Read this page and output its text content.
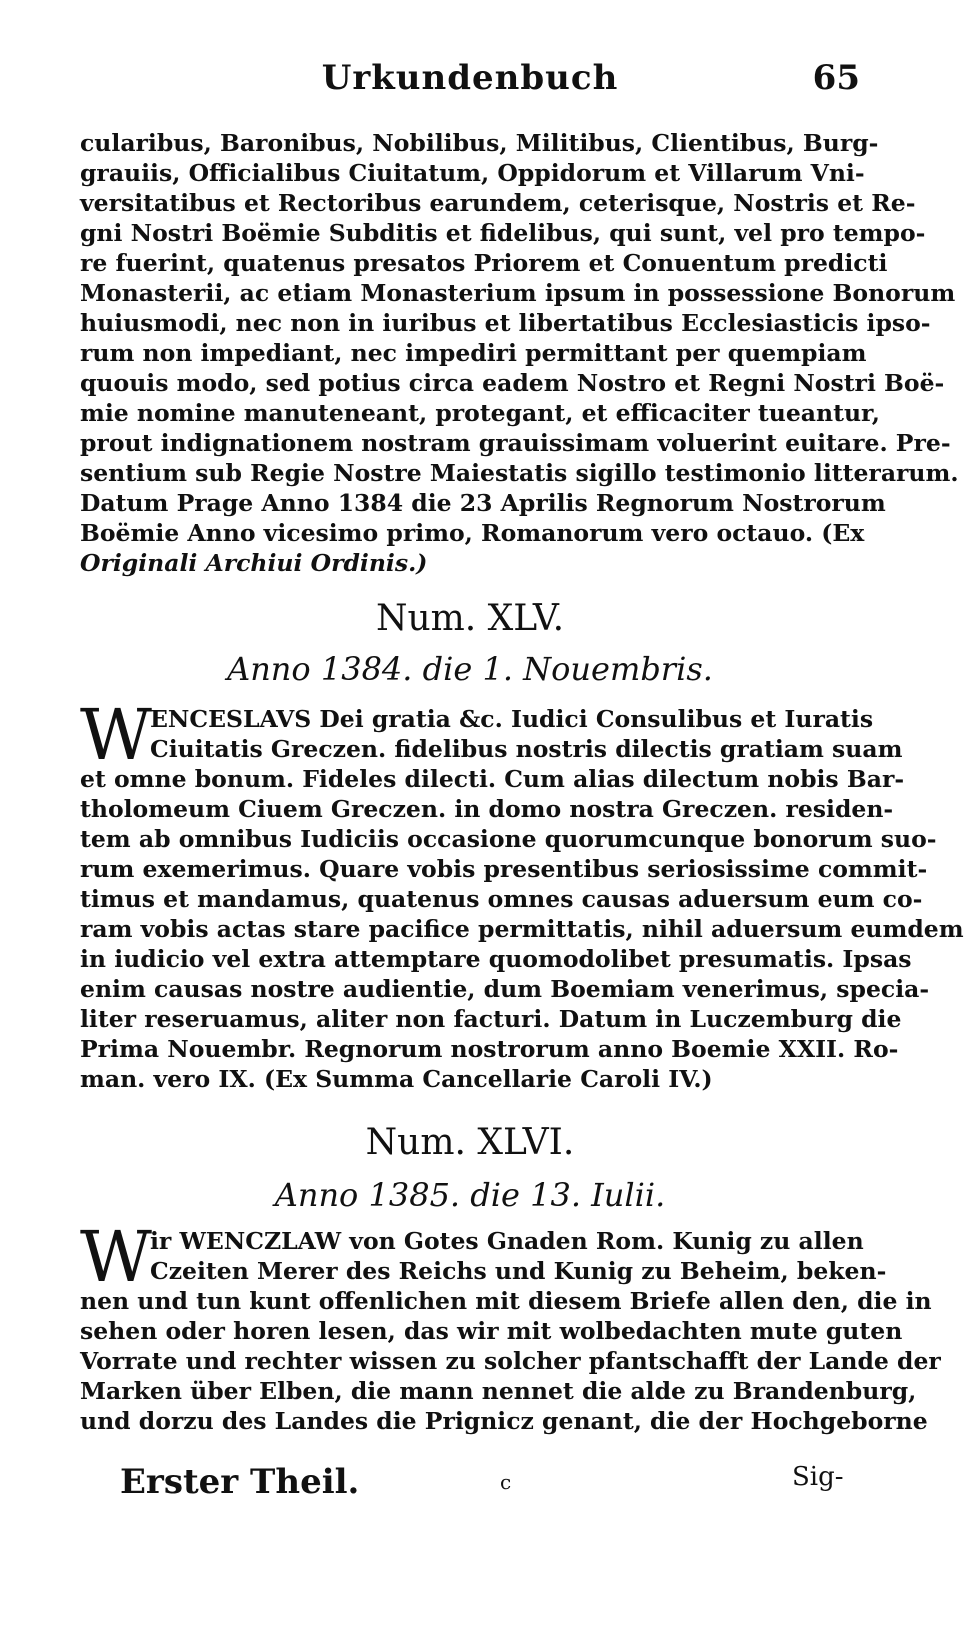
Urkundenbuch	65
cularibus, Baronibus, Nobilibus, Militibus, Clientibus, Burg-
grauiis, Officialibus Ciuitatum, Oppidorum et Villarum Vni-
versitatibus et Rectoribus earundem, ceterisque, Nostris et Re-
gni Nostri Boëmie Subditis et fidelibus, qui sunt, vel pro tempo-
re fuerint, quatenus presatos Priorem et Conuentum predicti
Monasterii, ac etiam Monasterium ipsum in possessione Bonorum
huiusmodi, nec non in iuribus et libertatibus Ecclesiasticis ipso-
rum non impediant, nec impediri permittant per quempiam
quouis modo, sed potius circa eadem Nostro et Regni Nostri Boë-
mie nomine manuteneant, protegant, et efficaciter tueantur,
prout indignationem nostram grauissimam voluerint euitare. Pre-
sentium sub Regie Nostre Maiestatis sigillo testimonio litterarum.
Datum Prage Anno 1384 die 23 Aprilis Regnorum Nostrorum
Boëmie Anno vicesimo primo, Romanorum vero octauo. (Ex
Originali Archiui Ordinis.)
Num. XLV.
Anno 1384. die 1. Nouembris.
W
ENCESLAVS Dei gratia &c. Iudici Consulibus et Iuratis
Ciuitatis Greczen. fidelibus nostris dilectis gratiam suam
et omne bonum. Fideles dilecti. Cum alias dilectum nobis Bar-
tholomeum Ciuem Greczen. in domo nostra Greczen. residen-
tem ab omnibus Iudiciis occasione quorumcunque bonorum suo-
rum exemerimus. Quare vobis presentibus seriosissime commit-
timus et mandamus, quatenus omnes causas aduersum eum co-
ram vobis actas stare pacifice permittatis, nihil aduersum eumdem
in iudicio vel extra attemptare quomodolibet presumatis. Ipsas
enim causas nostre audientie, dum Boemiam venerimus, specia-
liter reseruamus, aliter non facturi. Datum in Luczemburg die
Prima Nouembr. Regnorum nostrorum anno Boemie XXII. Ro-
man. vero IX. (Ex Summa Cancellarie Caroli IV.)
Num. XLVI.
Anno 1385. die 13. Iulii.
W
ir WENCZLAW von Gotes Gnaden Rom. Kunig zu allen
Czeiten Merer des Reichs und Kunig zu Beheim, beken-
nen und tun kunt offenlichen mit diesem Briefe allen den, die in
sehen oder horen lesen, das wir mit wolbedachten mute guten
Vorrate und rechter wissen zu solcher pfantschafft der Lande der
Marken über Elben, die mann nennet die alde zu Brandenburg,
und dorzu des Landes die Prignicz genant, die der Hochgeborne
Erster Theil.	c	Sig-
